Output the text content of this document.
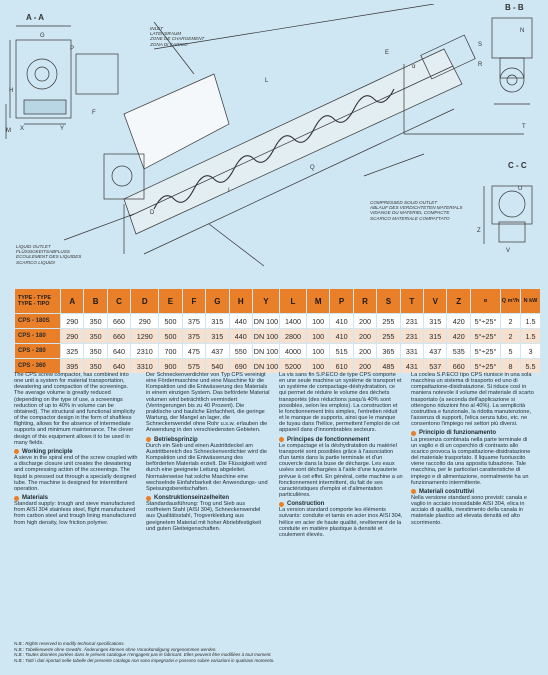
A - A
B - B
C - C
G
P
H
M X	Y
F
D
I
L
Q
E
R
S
N
T
U
Z
V
α
INLET
LATENSRAUM
ZONE DE CHARGEMENT
ZONA DI CARICO
COMPRESSED SOLID OUTLET
ABLAUF DES VERDICHTETEN MATERIALS
VIDANGE DU MATERIEL COMPACTE
SCARICO MATERIALE COMPATTATO
LIQUID OUTLET
FLÜSSIGKEITSABFLUSS
ECOULEMENT DES LIQUIDES
SCARICO LIQUIDI
TYPE - TYPE
TYPE - TIPO	A	B	C	D	E	F	G	H	Y	L	M	P	R	S	T	V	Z	α	Q m³/h	N kW
CPS - 180S	290	350	660	290	500	375	315	440	DN 100	1400	100	410	200	255	231	315	420	5°÷25°	2	1.5
CPS - 180	290	350	660	1290	500	375	315	440	DN 100	2800	100	410	200	255	231	315	420	5°÷25°	2	1.5
CPS - 280	325	350	640	2310	700	475	437	550	DN 100	4000	100	515	200	365	331	437	535	5°÷25°	5	3
CPS - 360	395	350	640	3310	900	575	540	690	DN 100	5200	100	610	200	485	431	537	660	5°÷25°	8	5.5

The CPS screw compactor, has combined into one unit a system for material transportation, dewatering and compaction of the screenings. The average volume is greatly reduced (depending on the type of use, a screenings reduction of up to 40% in volume can be obtained). The structural and functional simplicity of the compactor design in the form of shaftless flighting, allows for the absence of intermediate supports and minimum maintenance. The clever design of this equipment allows it to be used in many fields.

Working principle

A sieve in the spiral end of the screw coupled with a discharge closure unit creates the dewatering and compressing action of the screenings. The liquid is pressed out through a specially designed tube. The machine is designed for intermittent operation.

Materials

Standard supply: trough and sieve manufactured from AISI 304 stainless steel, flight manufactured from carbon steel and trough lining manufactured from high density, low friction polymer.

Der Schneckenverdichter von Typ CPS vereinigt eine Fördermaschine und eine Maschine für die Kompaktion und die Entwässerung des Materials in einem einzigen System. Das befördete Material volumen wird beträchtlich vermindert (Verringerungen bis zu 40 Prozent). Die praktische und bauliche Einfachheit, die geringe Wartung, der Mangel an lager, die Schneckenwendel ohne Rohr u.s.w. erlauben die Anwendung in den verschiedensten Gebieten.

Betriebsprinzip

Durch ein Sieb und einen Austrittdeckel am Austrittbereich des Schneckenverdichter wird die Kompaktion und die Entwässerung des beförderten Materials erzielt. Die Flüssigkeit wird durch eine geeignete Leitung abgeleitet. Normalerweise hat solche Maschine eine wechselnde Einfahrbarkeit der Anwendungs- und Speisungsbereitschaften.

Konstruktionseinzelheiten

Standardausführung: Trog und Sieb aus rostfreiem Stahl (AISI 304), Schneckenwendel aus Qualitätsstahl, Trogverkleidung aus geeignetem Material mit hoher Abriebfestigkeit und guten Gleiteigenschaften.

La vis sans fin S.P.ECO de type CPS comporte en une seule machine un système de transport et un système de compactage-déshydratation, ce qui permet de réduire le volume des déchets transportés (des réductions jusqu'à 40% sont possibles, selon les emplois). La construction et le fonctionnement très simples, l'entretien réduit et le manque de supports, ainsi que le manque de tuyau dans l'hélice, permettent l'emploi de cet appareil dans d'innombrables secteurs.

Principes de fonctionnement

Le compactage et la déshydratation du matériel transporté sont possibles grâce à l'association d'un tamis dans la partie terminale et d'un couvercle dans la buse de décharge. Les eaux usées sont déchargées à l'aide d'une tuyauterie prévue à cet effet. En général, cette machine a un fonctionnement intermittent, du fait de ses caractéristiques d'emploi et d'alimentation particulières.

Construction

La version standard comporte les éléments suivants: conduite et tamis en acier inox AISI 304, hélice en acier de haute qualité, revêtement de la conduite en matière plastique à densité et coulement élevés.

La coclea S.P.ECO tipo CPS riunisce in una sola macchina un sistema di trasporto ed uno di compattazione-disidratazione. Si riduce così in maniera notevole il volume del materiale di scarto trasportato (a seconda dell'applicazione si ottengono riduzioni fino al 40%). La semplicità costruttiva e funzionale, la ridotta manutenzione, l'assenza di supporti, l'elica senza tubo, etc. ne consentono l'impiego nei settori più diversi.

Principio di funzionamento

La presenza combinata nella parte terminale di un vaglio e di un coperchio di contrasto allo scarico provoca la compattazione-disidratazione del materiale trasportato. Il liquame fuoriuscito viene raccolto da una apposita tubazione. Tale macchina, per le particolari caratteristiche di impiego e di alimentazione, normalmente ha un funzionamento intermittente.

Materiali costruttivi

Nella versione standard sono previsti: canala e vaglio in acciaio inossidabile AISI 304, elica in acciaio di qualità, rivestimento della canala in materiale plastico ad elevata densità ed alto scorrimento.

N.B.: Rights reserved to modify technical specifications.
N.B.: Tabellenwerte ohne Gewähr. Änderungen können ohne Vorankündigung vorgenommen werden.
N.B.: Toutes données portées dans le présent catalogue n'engagent pas le fabricant. Elles peuvent être modifiées à tout moment.
N.B.: Tutti i dati riportati nelle tabelle del presente catalogo non sono impegnativi e possono subire variazioni in qualsiasi momento.
